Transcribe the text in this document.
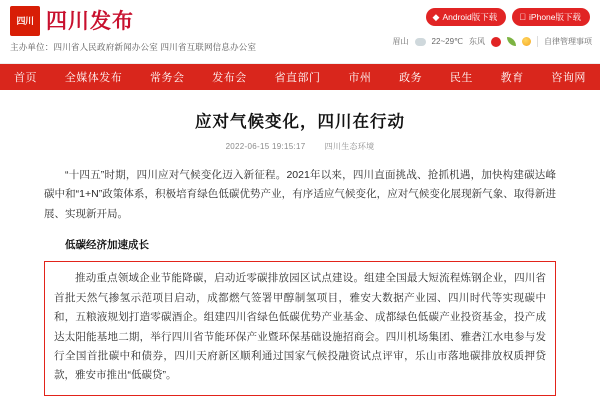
四川 四川发布
主办单位：四川省人民政府新闻办公室 四川省互联网信息办公室
◆ Android版下载	iPhone版下载
眉山	22~29℃ 东风	自律管理事项
首页	全媒体发布	常务会	发布会	省直部门	市州	政务	民生	教育	咨询网
应对气候变化，四川在行动
2022-06-15 19:15:17 四川生态环境
“十四五”时期，四川应对气候变化迈入新征程。2021年以来，四川直面挑战、抢抓机遇，加快构建碳达峰碳中和“1+N”政策体系，积极培育绿色低碳优势产业，有序适应气候变化，应对气候变化展现新气象、取得新进展、实现新开局。
低碳经济加速成长
推动重点领域企业节能降碳，启动近零碳排放园区试点建设。组建全国最大短流程炼钢企业，四川省首批天然气掺氢示范项目启动，成都燃气签署甲醇制氢项目，雅安大数据产业园、四川时代等实现碳中和，五粮液规划打造零碳酒企。组建四川省绿色低碳优势产业基金、成都绿色低碳产业投资基金，投产成达太阳能基地二期，举行四川省节能环保产业暨环保基础设施招商会。四川机场集团、雅砻江水电参与发行全国首批碳中和债券，四川天府新区顺利通过国家气候投融资试点评审，乐山市落地碳排放权质押贷款，雅安市推出“低碳贷”。
